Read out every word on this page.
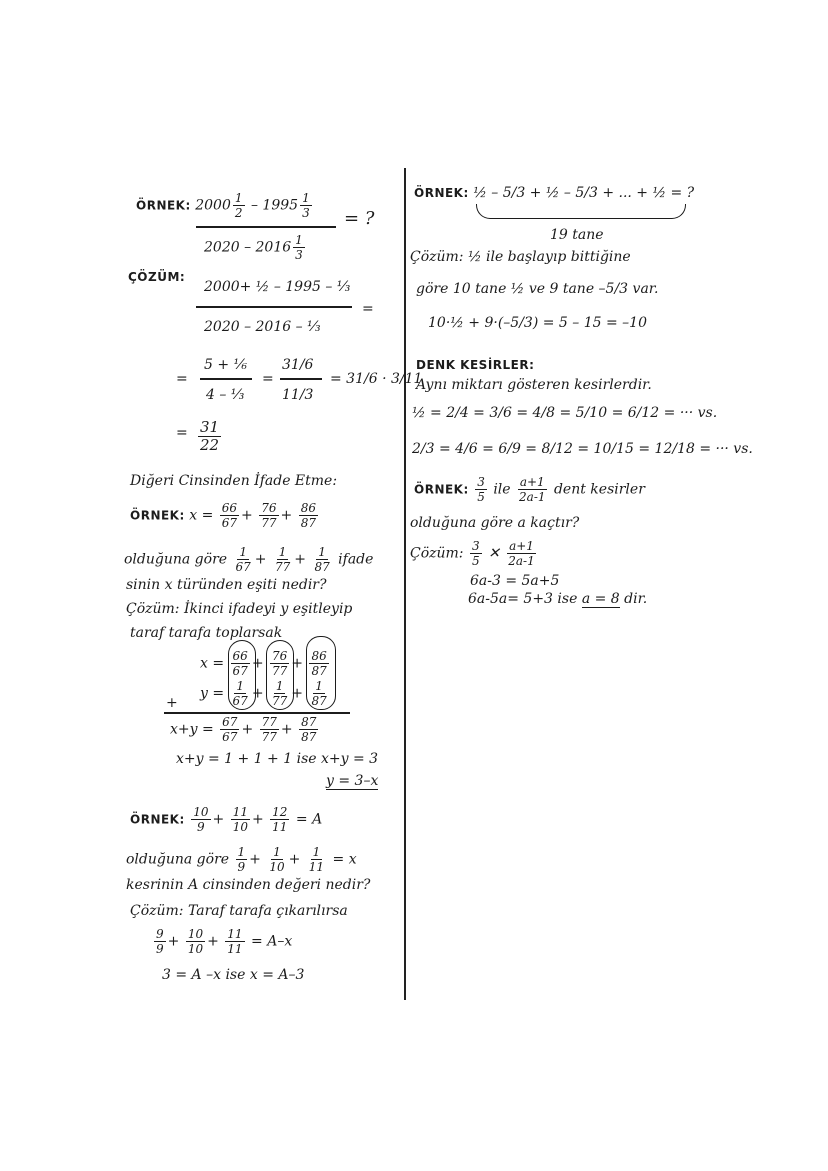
ÖRNEK: $2000 \frac{1}{2} - 1995 \frac{1}{3}$ = ?
$2020 - 2016 \frac{1}{3}$
ÇÖZÜM:
2000+ ½ – 1995 – ⅓
=
2020 – 2016 – ⅓
=
5 + ⅙
4 – ⅓
=
31/6
11/3
= 31/6 · 3/11
= $\frac{31}{22}$
Diğeri Cinsinden İfade Etme:
ÖRNEK: $x = \frac{66}{67} + \frac{76}{77} + \frac{86}{87}$
olduğuna göre $\frac{1}{67} + \frac{1}{77} + \frac{1}{87}$ ifade
sinin x türünden eşiti nedir?
Çözüm: İkinci ifadeyi y eşitleyip
taraf tarafa toplarsak
$x = \frac{66}{67} + \frac{76}{77} + \frac{86}{87}$
$y = \frac{1}{67} + \frac{1}{77} + \frac{1}{87}$
+
$x+y = \frac{67}{67} + \frac{77}{77} + \frac{87}{87}$
x+y = 1 + 1 + 1 ise x+y = 3
y = 3–x
ÖRNEK: $\frac{10}{9} + \frac{11}{10} + \frac{12}{11} = A$
olduğuna göre $\frac{1}{9} + \frac{1}{10} + \frac{1}{11} = x$
kesrinin A cinsinden değeri nedir?
Çözüm: Taraf tarafa çıkarılırsa
$\frac{9}{9} + \frac{10}{10} + \frac{11}{11} = A-x$
3 = A –x ise x = A–3
ÖRNEK: ½ – 5/3 + ½ – 5/3 + ... + ½ = ?
19 tane
Çözüm: ½ ile başlayıp bittiğine
göre 10 tane ½ ve 9 tane –5/3 var.
10·½ + 9·(–5/3) = 5 – 15 = –10
DENK KESİRLER:
Aynı miktarı gösteren kesirlerdir.
½ = 2/4 = 3/6 = 4/8 = 5/10 = 6/12 = ··· vs.
2/3 = 4/6 = 6/9 = 8/12 = 10/15 = 12/18 = ··· vs.
ÖRNEK: $\frac{3}{5}$ ile $\frac{a+1}{2a-1}$ dent kesirler
olduğuna göre a kaçtır?
Çözüm: $\frac{3}{5}$ ✕ $\frac{a+1}{2a-1}$
6a-3 = 5a+5
6a-5a= 5+3 ise a = 8 dir.
